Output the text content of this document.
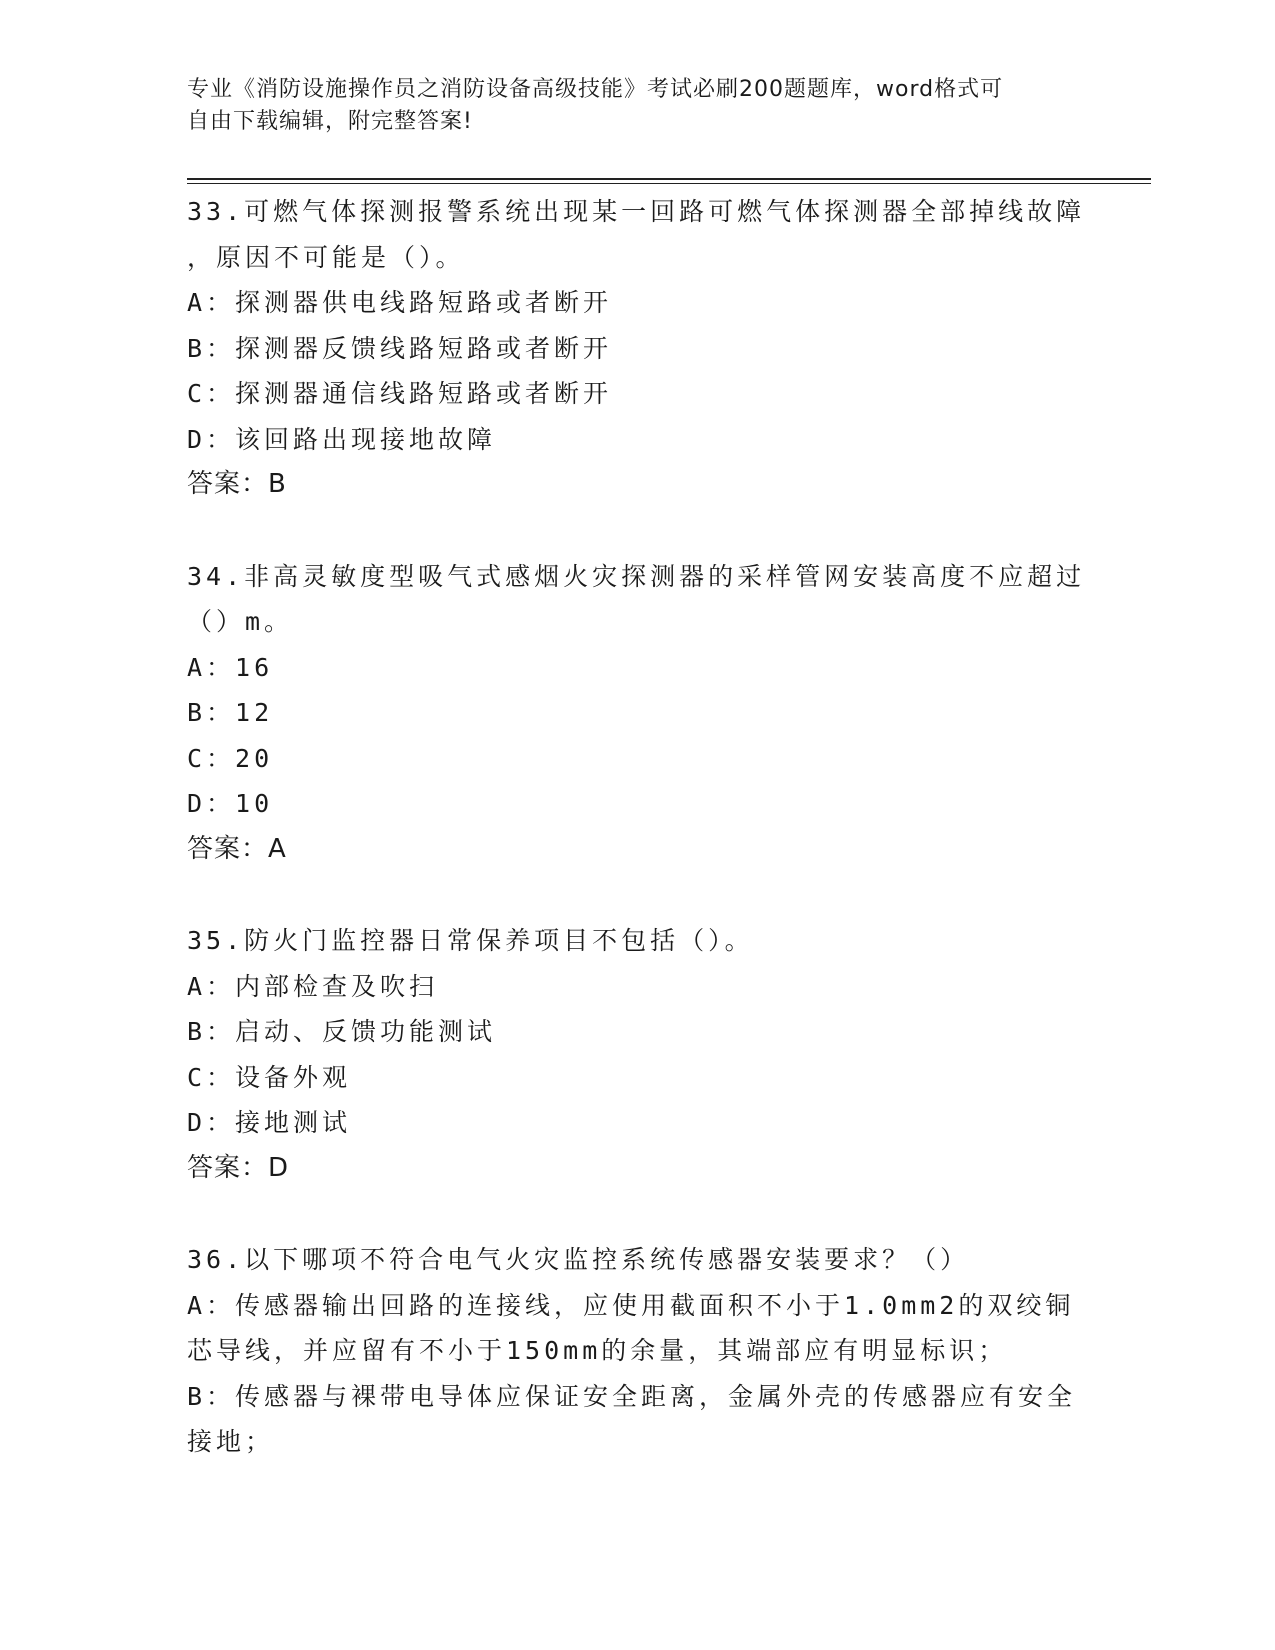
专业《消防设施操作员之消防设备高级技能》考试必刷200题题库，word格式可
自由下载编辑，附完整答案!

33.可燃气体探测报警系统出现某一回路可燃气体探测器全部掉线故障

，原因不可能是（）。

A：探测器供电线路短路或者断开

B：探测器反馈线路短路或者断开

C：探测器通信线路短路或者断开

D：该回路出现接地故障

答案：B

34.非高灵敏度型吸气式感烟火灾探测器的采样管网安装高度不应超过

（）m。

A：16

B：12

C：20

D：10

答案：A

35.防火门监控器日常保养项目不包括（）。

A：内部检查及吹扫

B：启动、反馈功能测试

C：设备外观

D：接地测试

答案：D

36.以下哪项不符合电气火灾监控系统传感器安装要求？（）

A：传感器输出回路的连接线，应使用截面积不小于1.0mm2的双绞铜

芯导线，并应留有不小于150mm的余量，其端部应有明显标识；

B：传感器与裸带电导体应保证安全距离，金属外壳的传感器应有安全

接地；
